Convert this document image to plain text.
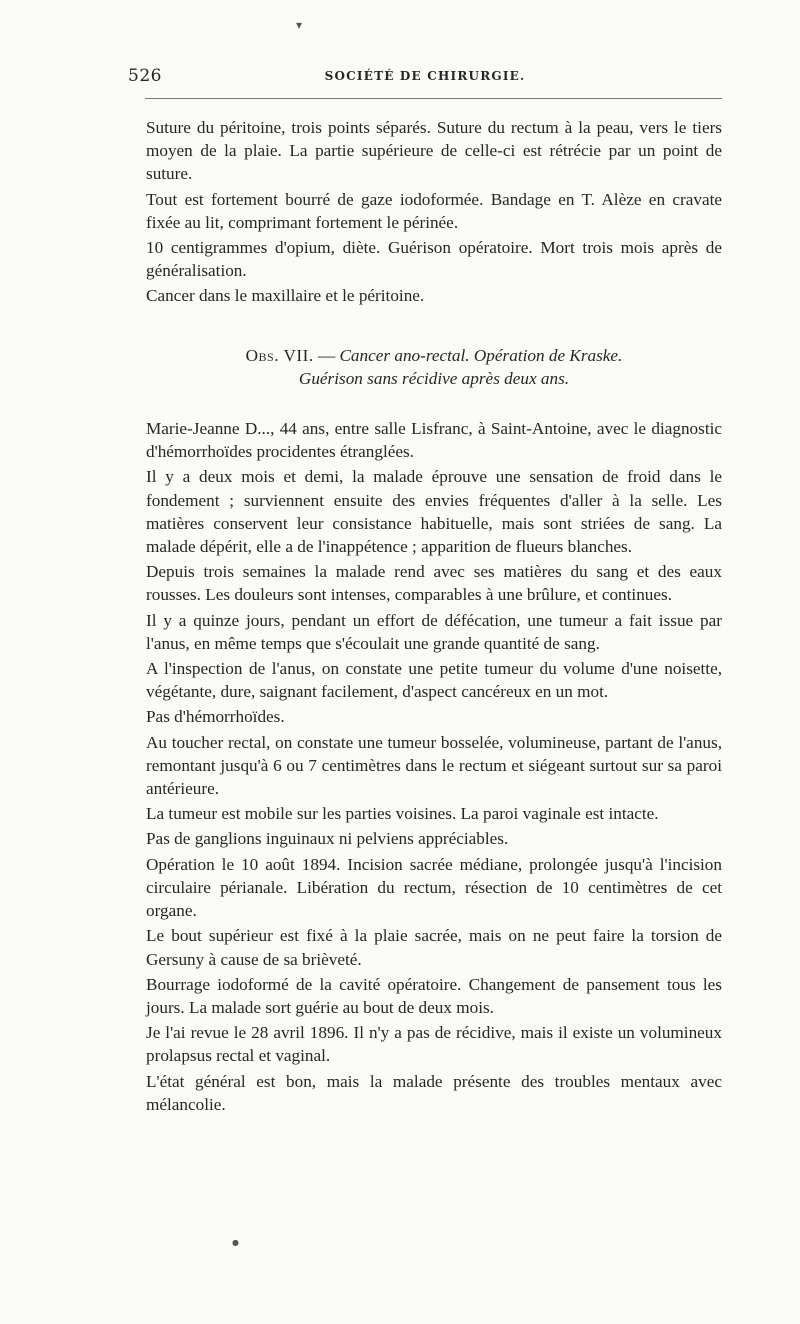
526	SOCIÉTÉ DE CHIRURGIE.

Suture du péritoine, trois points séparés. Suture du rectum à la peau, vers le tiers moyen de la plaie. La partie supérieure de celle-ci est rétrécie par un point de suture.

Tout est fortement bourré de gaze iodoformée. Bandage en T. Alèze en cravate fixée au lit, comprimant fortement le périnée.

10 centigrammes d'opium, diète. Guérison opératoire. Mort trois mois après de généralisation.

Cancer dans le maxillaire et le péritoine.

Obs. VII. — Cancer ano-rectal. Opération de Kraske.
Guérison sans récidive après deux ans.

Marie-Jeanne D..., 44 ans, entre salle Lisfranc, à Saint-Antoine, avec le diagnostic d'hémorrhoïdes procidentes étranglées.

Il y a deux mois et demi, la malade éprouve une sensation de froid dans le fondement ; surviennent ensuite des envies fréquentes d'aller à la selle. Les matières conservent leur consistance habituelle, mais sont striées de sang. La malade dépérit, elle a de l'inappétence ; apparition de flueurs blanches.

Depuis trois semaines la malade rend avec ses matières du sang et des eaux rousses. Les douleurs sont intenses, comparables à une brûlure, et continues.

Il y a quinze jours, pendant un effort de défécation, une tumeur a fait issue par l'anus, en même temps que s'écoulait une grande quantité de sang.

A l'inspection de l'anus, on constate une petite tumeur du volume d'une noisette, végétante, dure, saignant facilement, d'aspect cancéreux en un mot.

Pas d'hémorrhoïdes.

Au toucher rectal, on constate une tumeur bosselée, volumineuse, partant de l'anus, remontant jusqu'à 6 ou 7 centimètres dans le rectum et siégeant surtout sur sa paroi antérieure.

La tumeur est mobile sur les parties voisines. La paroi vaginale est intacte.

Pas de ganglions inguinaux ni pelviens appréciables.

Opération le 10 août 1894. Incision sacrée médiane, prolongée jusqu'à l'incision circulaire périanale. Libération du rectum, résection de 10 centimètres de cet organe.

Le bout supérieur est fixé à la plaie sacrée, mais on ne peut faire la torsion de Gersuny à cause de sa brièveté.

Bourrage iodoformé de la cavité opératoire. Changement de pansement tous les jours. La malade sort guérie au bout de deux mois.

Je l'ai revue le 28 avril 1896. Il n'y a pas de récidive, mais il existe un volumineux prolapsus rectal et vaginal.

L'état général est bon, mais la malade présente des troubles mentaux avec mélancolie.

▾
●
